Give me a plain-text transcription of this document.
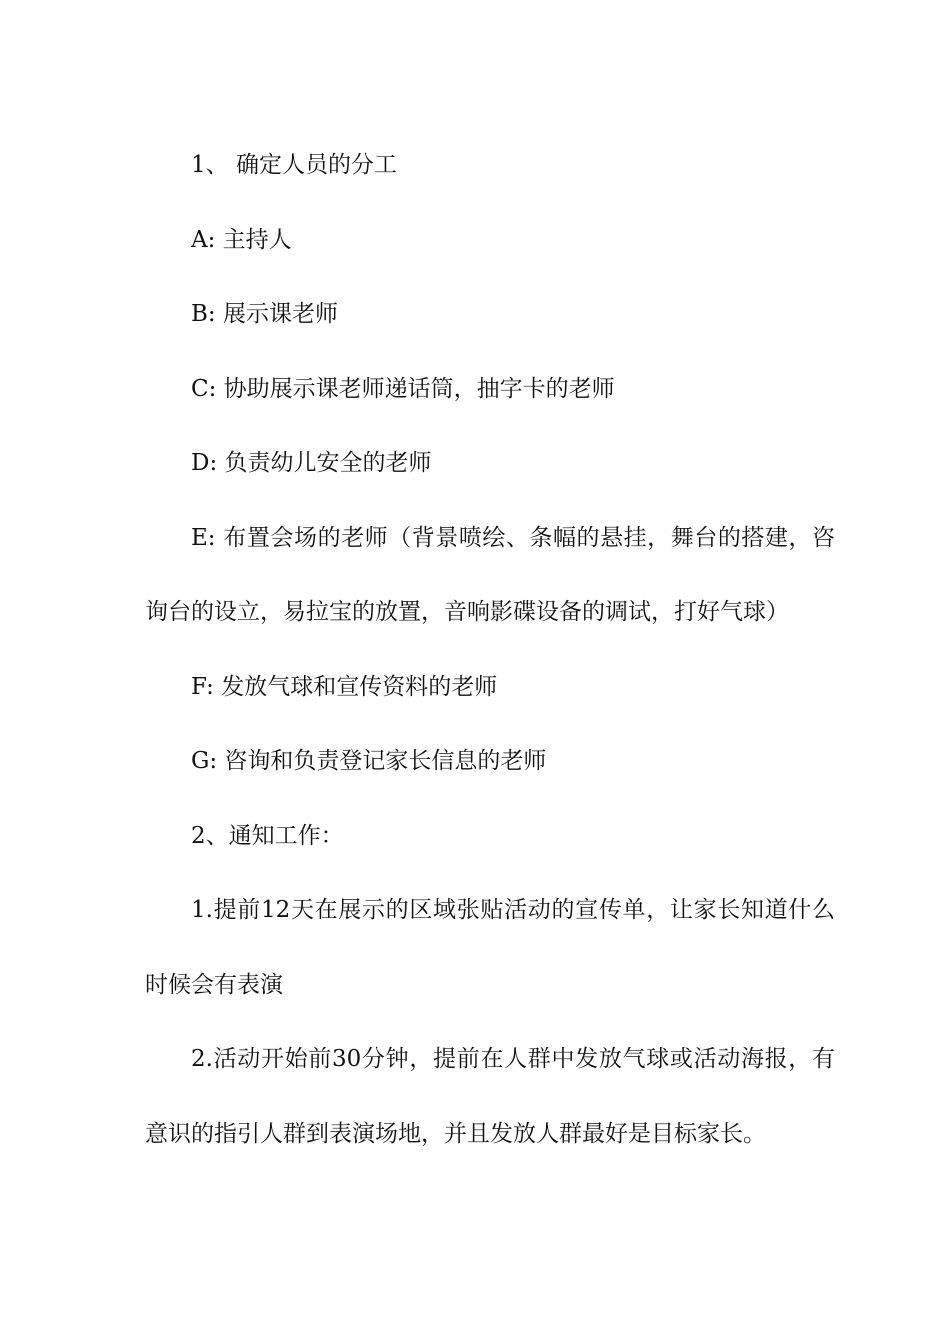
1、 确定人员的分工

A: 主持人

B: 展示课老师

C: 协助展示课老师递话筒，抽字卡的老师

D: 负责幼儿安全的老师

E: 布置会场的老师（背景喷绘、条幅的悬挂，舞台的搭建，咨询台的设立，易拉宝的放置，音响影碟设备的调试，打好气球）

F: 发放气球和宣传资料的老师

G: 咨询和负责登记家长信息的老师

2、通知工作：

1.提前12天在展示的区域张贴活动的宣传单，让家长知道什么时候会有表演

2.活动开始前30分钟，提前在人群中发放气球或活动海报，有意识的指引人群到表演场地，并且发放人群最好是目标家长。
